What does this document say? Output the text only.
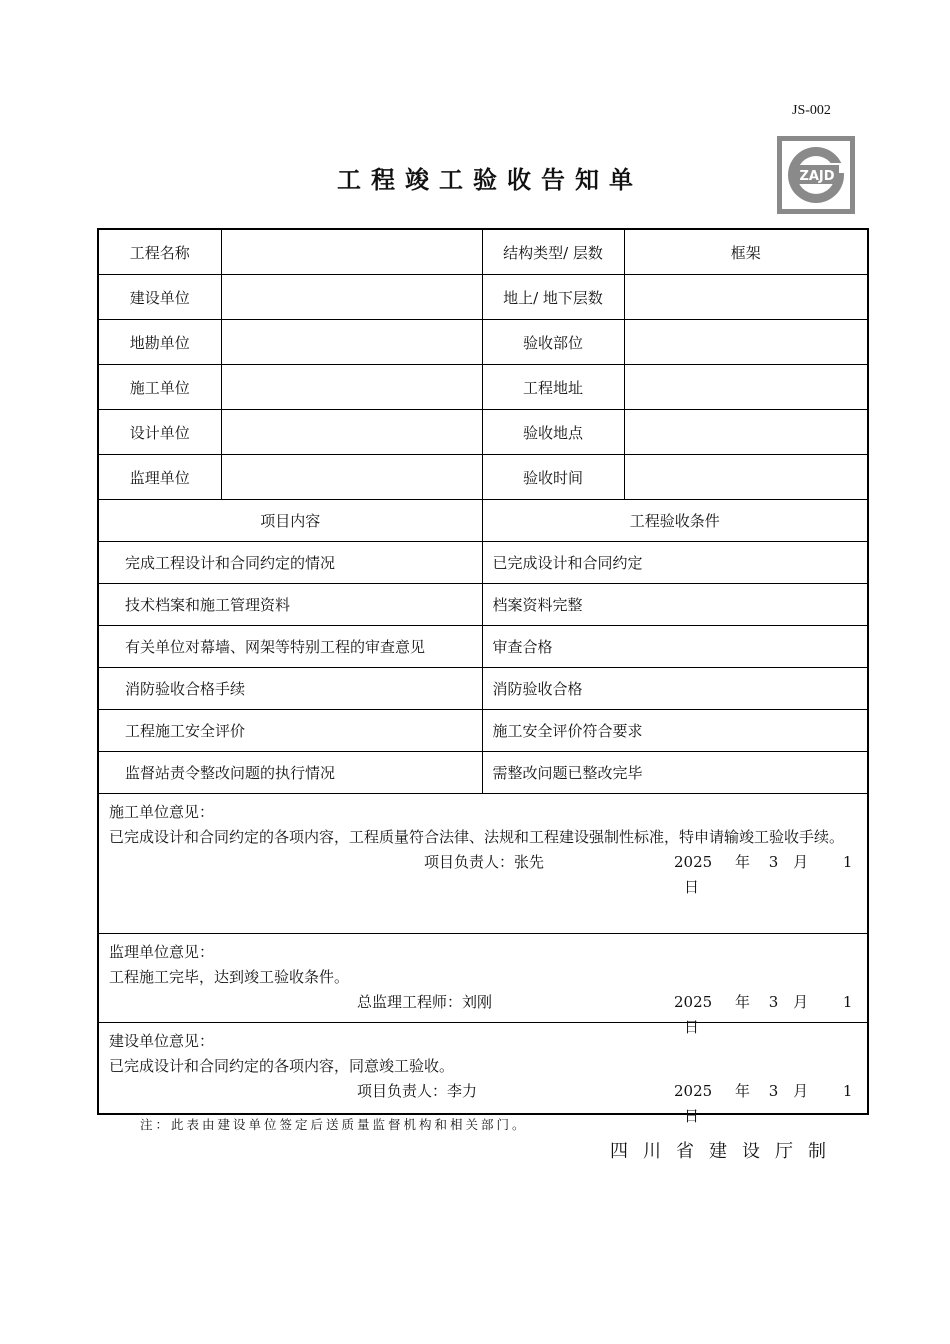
JS-002
ZAJD
工程竣工验收告知单
工程名称		结构类型/ 层数	框架
建设单位		地上/ 地下层数	
地勘单位		验收部位	
施工单位		工程地址	
设计单位		验收地点	
监理单位		验收时间	
项目内容		工程验收条件	
完成工程设计和合同约定的情况		已完成设计和合同约定	
技术档案和施工管理资料		档案资料完整	
有关单位对幕墙、网架等特别工程的审查意见		审查合格	
消防验收合格手续		消防验收合格	
工程施工安全评价		施工安全评价符合要求	
监督站责令整改问题的执行情况		需整改问题已整改完毕	

施工单位意见：
已完成设计和合同约定的各项内容，工程质量符合法律、法规和工程建设强制性标准，特申请输竣工验收手续。
项目负责人：张先 2025 年 3 月 1 日			

监理单位意见：
工程施工完毕，达到竣工验收条件。
总监理工程师：刘刚 2025 年 3 月 1 日			

建设单位意见：
已完成设计和合同约定的各项内容，同意竣工验收。
项目负责人：李力 2025 年 3 月 1 日			
注：此表由建设单位签定后送质量监督机构和相关部门。
四川省建设厅制
